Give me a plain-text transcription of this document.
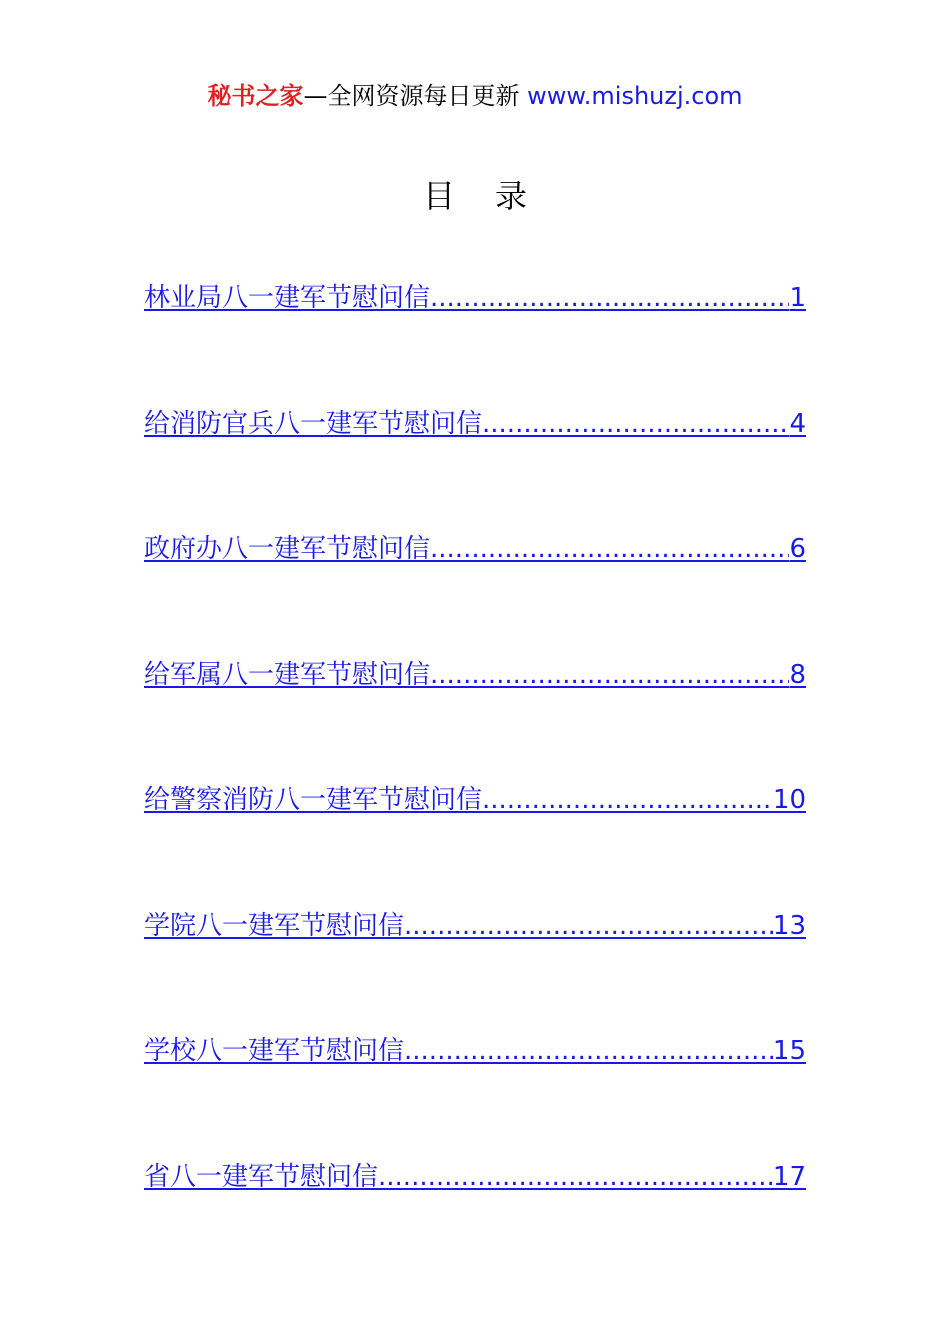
秘书之家—全网资源每日更新 www.mishuzj.com
目 录
林业局八一建军节慰问信 .....	1
给消防官兵八一建军节慰问信 .....	4
政府办八一建军节慰问信 .....	6
给军属八一建军节慰问信 .....	8
给警察消防八一建军节慰问信 .....	10
学院八一建军节慰问信 .....	13
学校八一建军节慰问信 .....	15
省八一建军节慰问信 .....	17
